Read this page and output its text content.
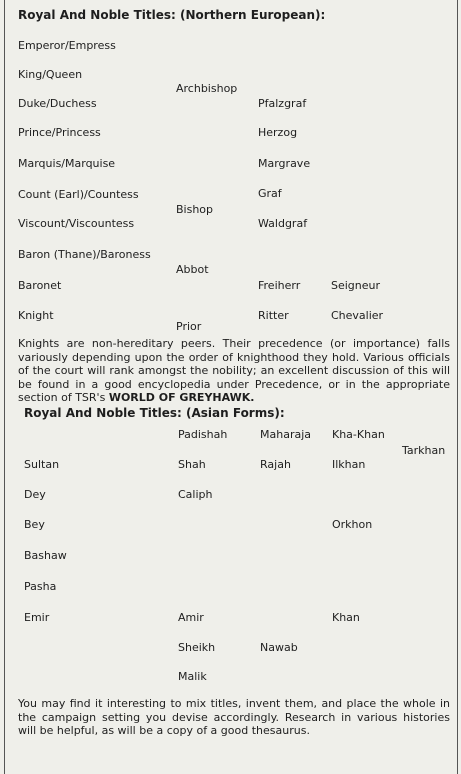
Royal And Noble Titles: (Northern European):
Emperor/Empress
King/Queen
Duke/Duchess
Prince/Princess
Marquis/Marquise
Count (Earl)/Countess
Viscount/Viscountess
Baron (Thane)/Baroness
Baronet
Knight
Archbishop
Bishop
Abbot
Prior
Pfalzgraf
Herzog
Margrave
Graf
Waldgraf
Freiherr
Ritter
Seigneur
Chevalier

Knights are non-hereditary peers. Their precedence (or importance) falls variously depending upon the order of knighthood they hold. Various officials of the court will rank amongst the nobility; an excellent discussion of this will be found in a good encyclopedia under Precedence, or in the appropriate section of TSR's WORLD OF GREYHAWK.

Royal And Noble Titles: (Asian Forms):
Sultan
Dey
Bey
Bashaw
Pasha
Emir
Padishah
Shah
Caliph
Amir
Sheikh
Malik
Maharaja
Rajah
Nawab
Kha-Khan
Ilkhan
Orkhon
Khan
Tarkhan

You may find it interesting to mix titles, invent them, and place the whole in the campaign setting you devise accordingly. Research in various histories will be helpful, as will be a copy of a good thesaurus.
